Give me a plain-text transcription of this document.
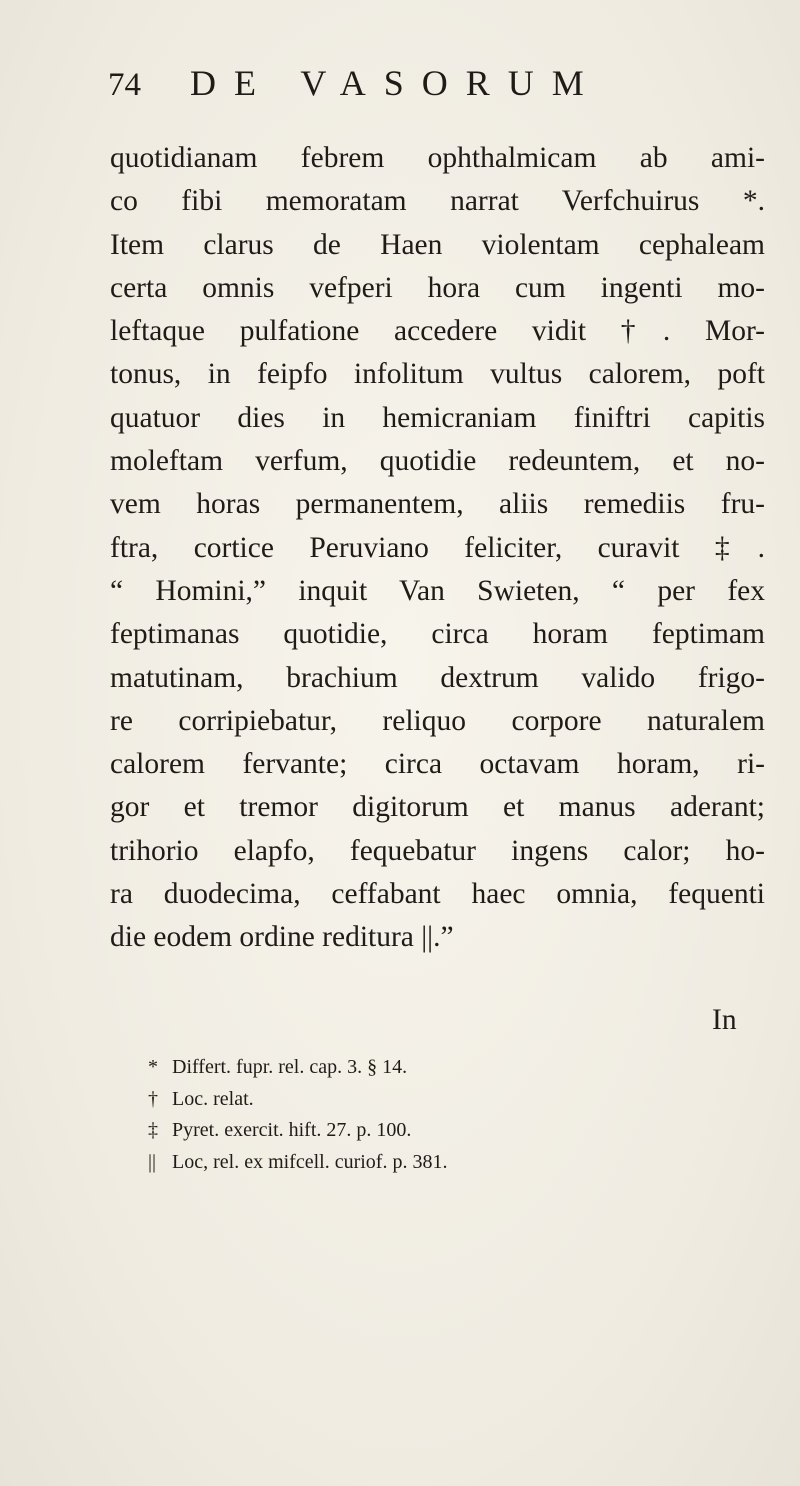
74	DE VASORUM
quotidianam febrem ophthalmicam ab ami-
co fibi memoratam narrat Verfchuirus *.
Item clarus de Haen violentam cephaleam
certa omnis vefperi hora cum ingenti mo-
leftaque pulfatione accedere vidit †. Mor-
tonus, in feipfo infolitum vultus calorem, poft
quatuor dies in hemicraniam finiftri capitis
moleftam verfum, quotidie redeuntem, et no-
vem horas permanentem, aliis remediis fru-
ftra, cortice Peruviano feliciter, curavit ‡.
“ Homini,” inquit Van Swieten, “ per fex
feptimanas quotidie, circa horam feptimam
matutinam, brachium dextrum valido frigo-
re corripiebatur, reliquo corpore naturalem
calorem fervante; circa octavam horam, ri-
gor et tremor digitorum et manus aderant;
trihorio elapfo, fequebatur ingens calor; ho-
ra duodecima, ceffabant haec omnia, fequenti
die eodem ordine reditura ||.”
In
* Differt. fupr. rel. cap. 3. § 14.
† Loc. relat.
‡ Pyret. exercit. hift. 27. p. 100.
|| Loc, rel. ex mifcell. curiof. p. 381.
